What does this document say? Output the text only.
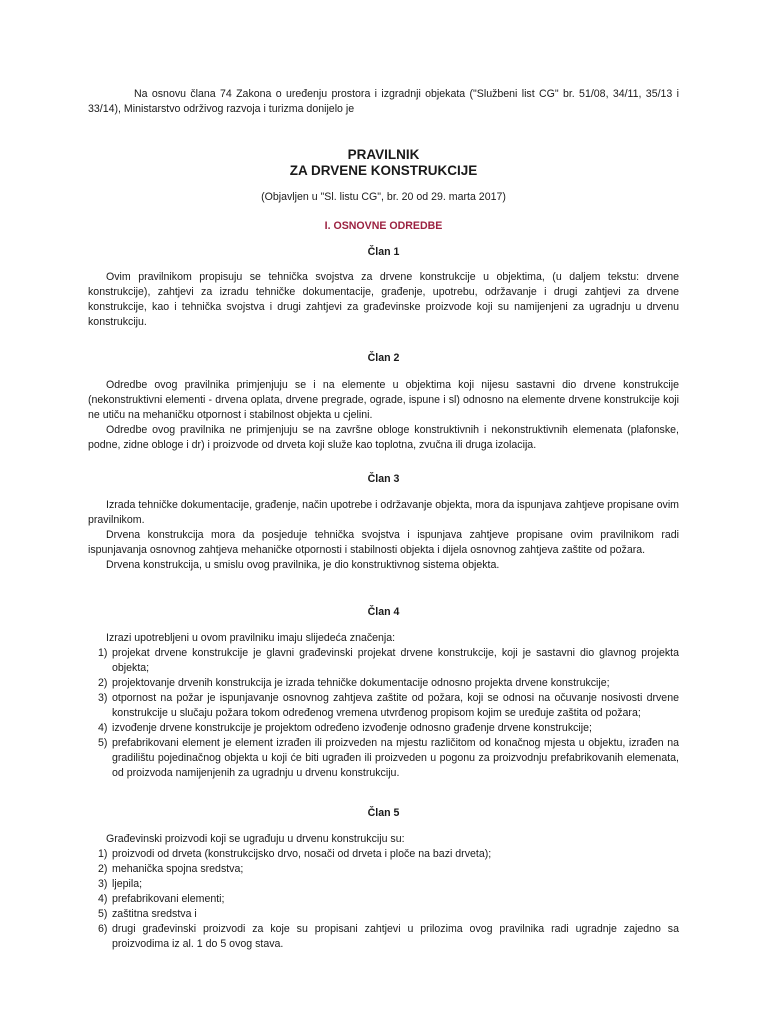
Na osnovu člana 74 Zakona o uređenju prostora i izgradnji objekata ("Službeni list CG" br. 51/08, 34/11, 35/13 i 33/14), Ministarstvo održivog razvoja i turizma donijelo je

PRAVILNIK

ZA DRVENE KONSTRUKCIJE

(Objavljen u "Sl. listu CG", br. 20 od 29. marta 2017)

I. OSNOVNE ODREDBE

Član 1

Ovim pravilnikom propisuju se tehnička svojstva za drvene konstrukcije u objektima, (u daljem tekstu: drvene konstrukcije), zahtjevi za izradu tehničke dokumentacije, građenje, upotrebu, održavanje i drugi zahtjevi za drvene konstrukcije, kao i tehnička svojstva i drugi zahtjevi za građevinske proizvode koji su namijenjeni za ugradnju u drvenu konstrukciju.

Član 2

Odredbe ovog pravilnika primjenjuju se i na elemente u objektima koji nijesu sastavni dio drvene konstrukcije (nekonstruktivni elementi - drvena oplata, drvene pregrade, ograde, ispune i sl) odnosno na elemente drvene konstrukcije koji ne utiču na mehaničku otpornost i stabilnost objekta u cjelini.

Odredbe ovog pravilnika ne primjenjuju se na završne obloge konstruktivnih i nekonstruktivnih elemenata (plafonske, podne, zidne obloge i dr) i proizvode od drveta koji služe kao toplotna, zvučna ili druga izolacija.

Član 3

Izrada tehničke dokumentacije, građenje, način upotrebe i održavanje objekta, mora da ispunjava zahtjeve propisane ovim pravilnikom.

Drvena konstrukcija mora da posjeduje tehnička svojstva i ispunjava zahtjeve propisane ovim pravilnikom radi ispunjavanja osnovnog zahtjeva mehaničke otpornosti i stabilnosti objekta i dijela osnovnog zahtjeva zaštite od požara.

Drvena konstrukcija, u smislu ovog pravilnika, je dio konstruktivnog sistema objekta.

Član 4

Izrazi upotrebljeni u ovom pravilniku imaju slijedeća značenja:

1) projekat drvene konstrukcije je glavni građevinski projekat drvene konstrukcije, koji je sastavni dio glavnog projekta objekta;
2) projektovanje drvenih konstrukcija je izrada tehničke dokumentacije odnosno projekta drvene konstrukcije;
3) otpornost na požar je ispunjavanje osnovnog zahtjeva zaštite od požara, koji se odnosi na očuvanje nosivosti drvene konstrukcije u slučaju požara tokom određenog vremena utvrđenog propisom kojim se uređuje zaštita od požara;
4) izvođenje drvene konstrukcije je projektom određeno izvođenje odnosno građenje drvene konstrukcije;
5) prefabrikovani element je element izrađen ili proizveden na mjestu različitom od konačnog mjesta u objektu, izrađen na gradilištu pojedinačnog objekta u koji će biti ugrađen ili proizveden u pogonu za proizvodnju prefabrikovanih elemenata, od proizvoda namijenjenih za ugradnju u drvenu konstrukciju.

Član 5

Građevinski proizvodi koji se ugrađuju u drvenu konstrukciju su:

1) proizvodi od drveta (konstrukcijsko drvo, nosači od drveta i ploče na bazi drveta);
2) mehanička spojna sredstva;
3) ljepila;
4) prefabrikovani elementi;
5) zaštitna sredstva i
6) drugi građevinski proizvodi za koje su propisani zahtjevi u prilozima ovog pravilnika radi ugradnje zajedno sa proizvodima iz al. 1 do 5 ovog stava.
